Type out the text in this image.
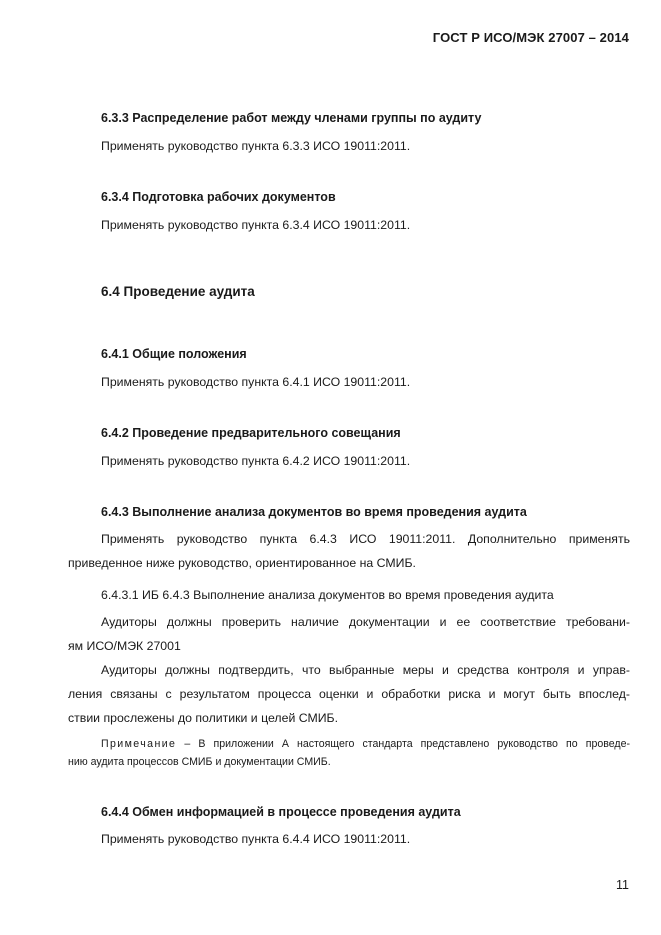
ГОСТ Р ИСО/МЭК 27007 – 2014
6.3.3 Распределение работ между членами группы по аудиту
Применять руководство пункта 6.3.3 ИСО 19011:2011.
6.3.4 Подготовка рабочих документов
Применять руководство пункта 6.3.4 ИСО 19011:2011.
6.4 Проведение аудита
6.4.1 Общие положения
Применять руководство пункта 6.4.1 ИСО 19011:2011.
6.4.2 Проведение предварительного совещания
Применять руководство пункта 6.4.2 ИСО 19011:2011.
6.4.3 Выполнение анализа документов во время проведения аудита
Применять руководство пункта 6.4.3 ИСО 19011:2011. Дополнительно применять
приведенное ниже руководство, ориентированное на СМИБ.
6.4.3.1 ИБ 6.4.3 Выполнение анализа документов во время проведения аудита
Аудиторы должны проверить наличие документации и ее соответствие требовани-
ям ИСО/МЭК 27001
Аудиторы должны подтвердить, что выбранные меры и средства контроля и управ-
ления связаны с результатом процесса оценки и обработки риска и могут быть впослед-
ствии прослежены до политики и целей СМИБ.
Примечание – В приложении А настоящего стандарта представлено руководство по проведе-
нию аудита процессов СМИБ и документации СМИБ.
6.4.4 Обмен информацией в процессе проведения аудита
Применять руководство пункта 6.4.4 ИСО 19011:2011.
11
